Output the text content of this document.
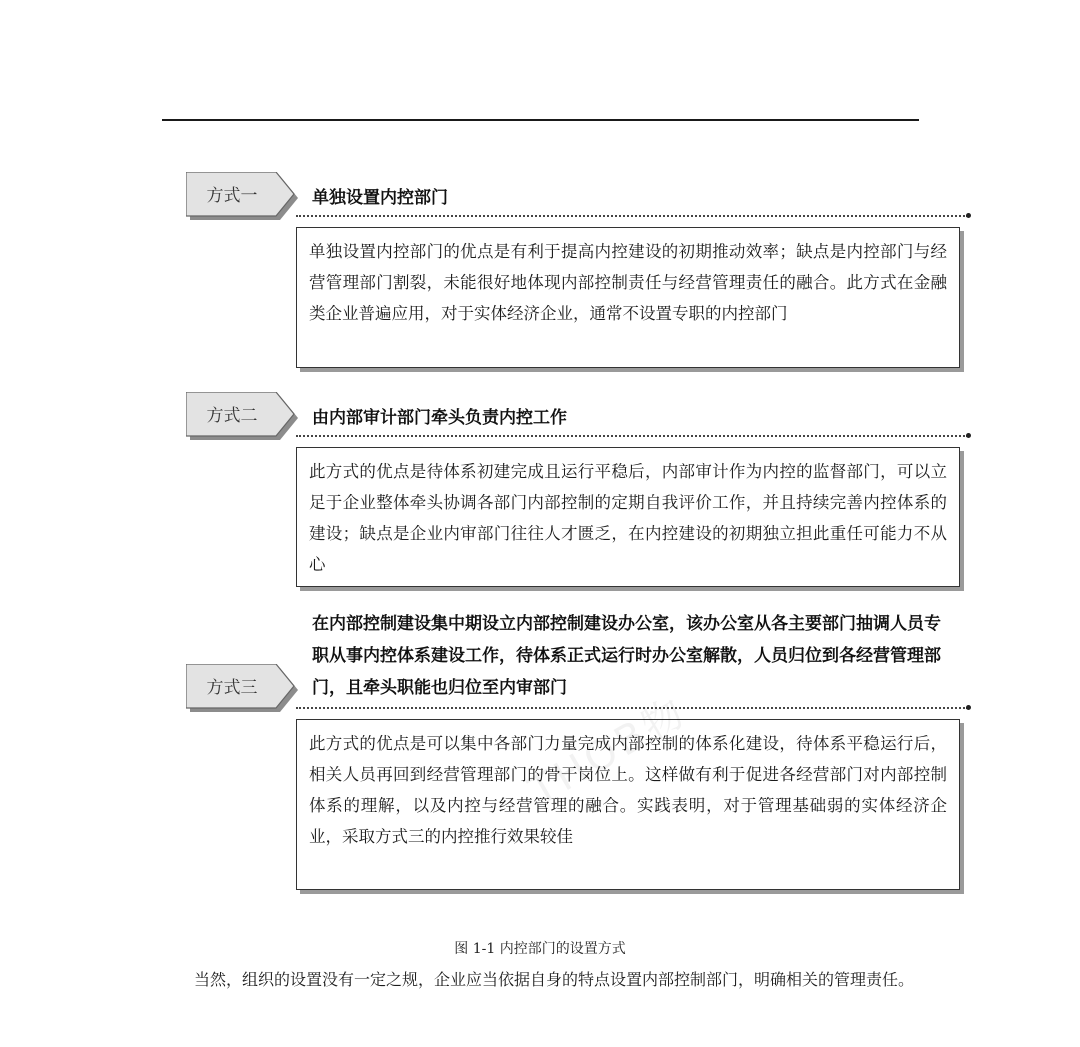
方式一	单独设置内控部门
单独设置内控部门的优点是有利于提高内控建设的初期推动效率；缺点是内控部门与经营管理部门割裂，未能很好地体现内部控制责任与经营管理责任的融合。此方式在金融类企业普遍应用，对于实体经济企业，通常不设置专职的内控部门
方式二	由内部审计部门牵头负责内控工作
此方式的优点是待体系初建完成且运行平稳后，内部审计作为内控的监督部门，可以立足于企业整体牵头协调各部门内部控制的定期自我评价工作，并且持续完善内控体系的建设；缺点是企业内审部门往往人才匮乏，在内控建设的初期独立担此重任可能力不从心
在内部控制建设集中期设立内部控制建设办公室，该办公室从各主要部门抽调人员专职从事内控体系建设工作，待体系正式运行时办公室解散，人员归位到各经营管理部门，且牵头职能也归位至内审部门
方式三
此方式的优点是可以集中各部门力量完成内部控制的体系化建设，待体系平稳运行后，相关人员再回到经营管理部门的骨干岗位上。这样做有利于促进各经营部门对内部控制体系的理解，以及内控与经营管理的融合。实践表明，对于管理基础弱的实体经济企业，采取方式三的内控推行效果较佳
THOB物
图 1-1 内控部门的设置方式
当然，组织的设置没有一定之规，企业应当依据自身的特点设置内部控制部门，明确相关的管理责任。
